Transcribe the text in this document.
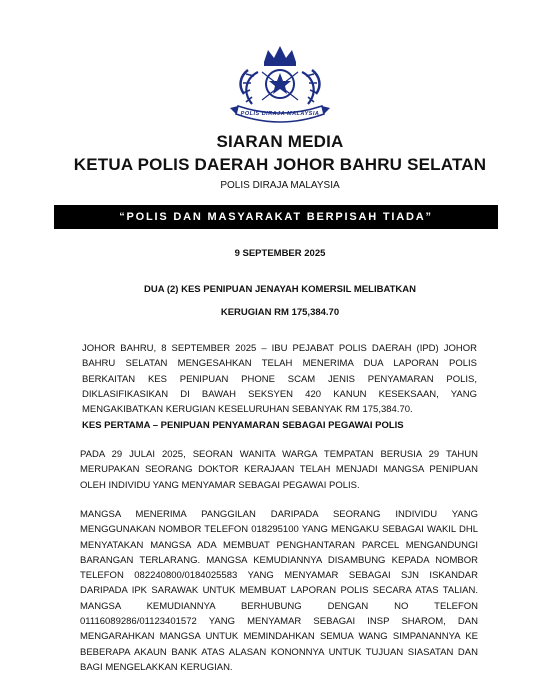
POLIS DIRAJA MALAYSIA
SIARAN MEDIA
KETUA POLIS DAERAH JOHOR BAHRU SELATAN
POLIS DIRAJA MALAYSIA
“POLIS DAN MASYARAKAT BERPISAH TIADA”
9 SEPTEMBER 2025
DUA (2) KES PENIPUAN JENAYAH KOMERSIL MELIBATKAN
KERUGIAN RM 175,384.70

JOHOR BAHRU, 8 SEPTEMBER 2025 – IBU PEJABAT POLIS DAERAH (IPD) JOHOR BAHRU SELATAN MENGESAHKAN TELAH MENERIMA DUA LAPORAN POLIS BERKAITAN KES PENIPUAN PHONE SCAM JENIS PENYAMARAN POLIS, DIKLASIFIKASIKAN DI BAWAH SEKSYEN 420 KANUN KESEKSAAN, YANG MENGAKIBATKAN KERUGIAN KESELURUHAN SEBANYAK RM 175,384.70.

KES PERTAMA – PENIPUAN PENYAMARAN SEBAGAI PEGAWAI POLIS

PADA 29 JULAI 2025, SEORAN WANITA WARGA TEMPATAN BERUSIA 29 TAHUN MERUPAKAN SEORANG DOKTOR KERAJAAN TELAH MENJADI MANGSA PENIPUAN OLEH INDIVIDU YANG MENYAMAR SEBAGAI PEGAWAI POLIS.

MANGSA MENERIMA PANGGILAN DARIPADA SEORANG INDIVIDU YANG MENGGUNAKAN NOMBOR TELEFON 018295100 YANG MENGAKU SEBAGAI WAKIL DHL MENYATAKAN MANGSA ADA MEMBUAT PENGHANTARAN PARCEL MENGANDUNGI BARANGAN TERLARANG. MANGSA KEMUDIANNYA DISAMBUNG KEPADA NOMBOR TELEFON 082240800/0184025583 YANG MENYAMAR SEBAGAI SJN ISKANDAR DARIPADA IPK SARAWAK UNTUK MEMBUAT LAPORAN POLIS SECARA ATAS TALIAN. MANGSA KEMUDIANNYA BERHUBUNG DENGAN NO TELEFON 01116089286/01123401572 YANG MENYAMAR SEBAGAI INSP SHAROM, DAN MENGARAHKAN MANGSA UNTUK MEMINDAHKAN SEMUA WANG SIMPANANNYA KE BEBERAPA AKAUN BANK ATAS ALASAN KONONNYA UNTUK TUJUAN SIASATAN DAN BAGI MENGELAKKAN KERUGIAN.
